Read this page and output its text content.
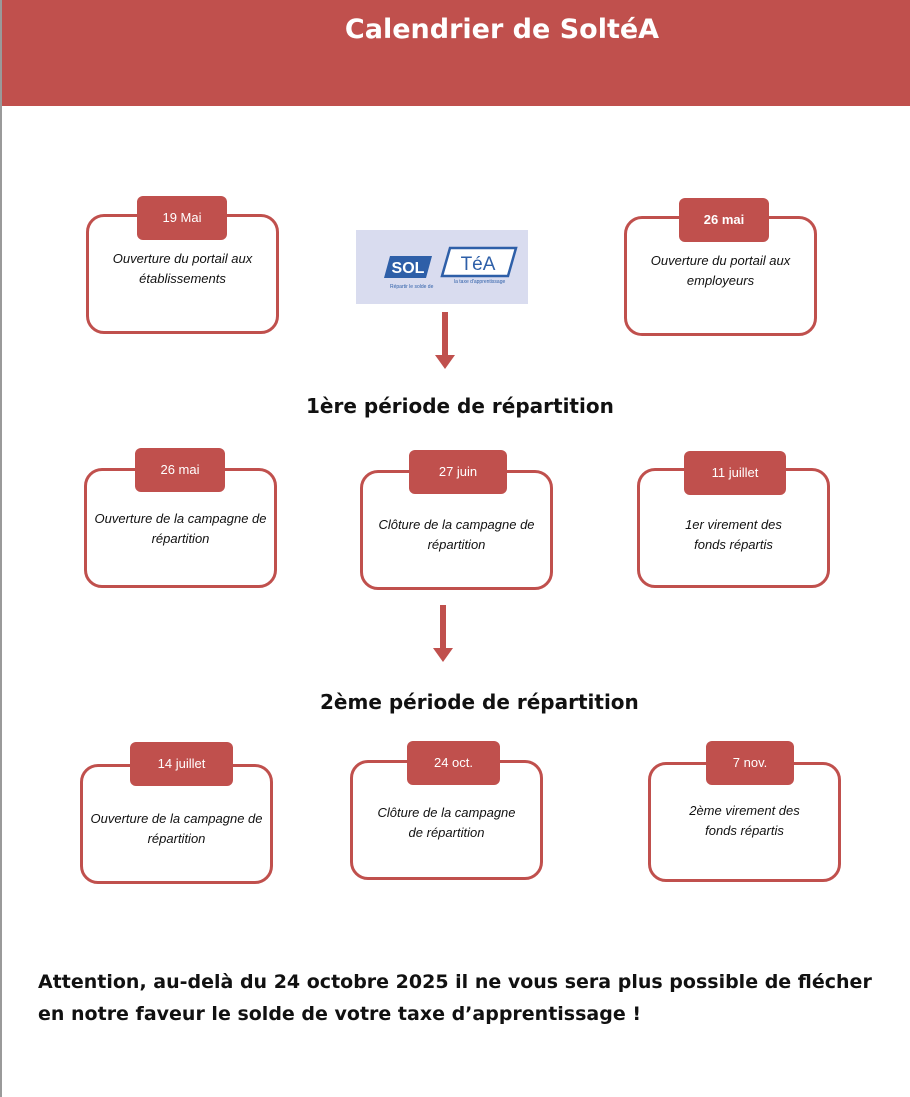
Calendrier de SoltéA
Ouverture du portail aux établissements
19 Mai
Ouverture du portail aux employeurs
26 mai
SOL TéA
Répartir le solde de
la taxe d'apprentissage
1ère période de répartition
Ouverture de la campagne de répartition
26 mai
Clôture de la campagne de répartition
27 juin
1er virement des fonds répartis
11 juillet
2ème période de répartition
Ouverture de la campagne de répartition
14 juillet
Clôture de la campagne de répartition
24 oct.
2ème virement des fonds répartis
7 nov.
Attention, au-delà du 24 octobre 2025 il ne vous sera plus possible de flécher en notre faveur le solde de votre taxe d’apprentissage !
